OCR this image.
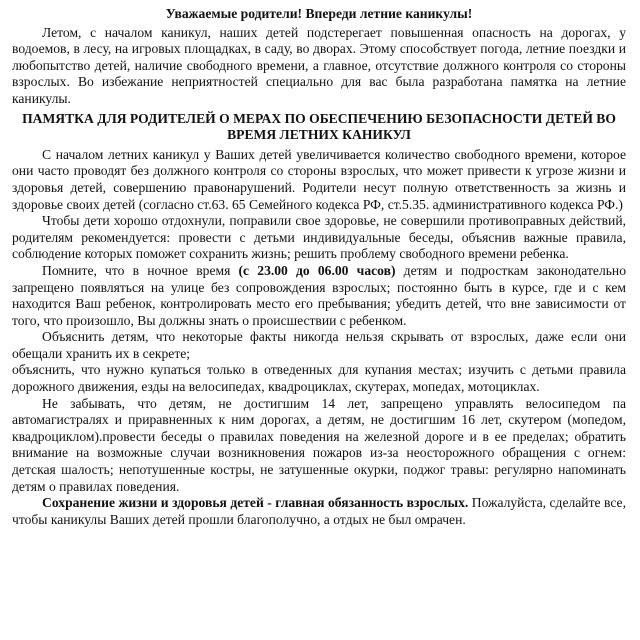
Уважаемые родители! Впереди летние каникулы!

Летом, с началом каникул, наших детей подстерегает повышенная опасность на дорогах, у водоемов, в лесу, на игровых площадках, в саду, во дворах. Этому способствует погода, летние поездки и любопытство детей, наличие свободного времени, а главное, отсутствие должного контроля со стороны взрослых. Во избежание неприятностей специально для вас была разработана памятка на летние каникулы.

ПАМЯТКА ДЛЯ РОДИТЕЛЕЙ О МЕРАХ ПО ОБЕСПЕЧЕНИЮ БЕЗОПАСНОСТИ ДЕТЕЙ ВО ВРЕМЯ ЛЕТНИХ КАНИКУЛ

С началом летних каникул у Ваших детей увеличивается количество свободного времени, которое они часто проводят без должного контроля со стороны взрослых, что может привести к угрозе жизни и здоровья детей, совершению правонарушений. Родители несут полную ответственность за жизнь и здоровье своих детей (согласно ст.63. 65 Семейного кодекса РФ, ст.5.35. административного кодекса РФ.)

Чтобы дети хорошо отдохнули, поправили свое здоровье, не совершили противоправных действий, родителям рекомендуется: провести с детьми индивидуальные беседы, объяснив важные правила, соблюдение которых поможет сохранить жизнь; решить проблему свободного времени ребенка.

Помните, что в ночное время (с 23.00 до 06.00 часов) детям и подросткам законодательно запрещено появляться на улице без сопровождения взрослых; постоянно быть в курсе, где и с кем находится Ваш ребенок, контролировать место его пребывания; убедить детей, что вне зависимости от того, что произошло, Вы должны знать о происшествии с ребенком.

Объяснить детям, что некоторые факты никогда нельзя скрывать от взрослых, даже если они обещали хранить их в секрете;

объяснить, что нужно купаться только в отведенных для купания местах; изучить с детьми правила дорожного движения, езды на велосипедах, квадроциклах, скутерах, мопедах, мотоциклах.

Не забывать, что детям, не достигшим 14 лет, запрещено управлять велосипедом па автомагистралях и приравненных к ним дорогах, а детям, не достигшим 16 лет, скутером (мопедом, квадроциклом).провести беседы о правилах поведения на железной дороге и в ее пределах; обратить внимание на возможные случаи возникновения пожаров из-за неосторожного обращения с огнем: детская шалость; непотушенные костры, не затушенные окурки, поджог травы: регулярно напоминать детям о правилах поведения.

Сохранение жизни и здоровья детей - главная обязанность взрослых. Пожалуйста, сделайте все, чтобы каникулы Ваших детей прошли благополучно, а отдых не был омрачен.
